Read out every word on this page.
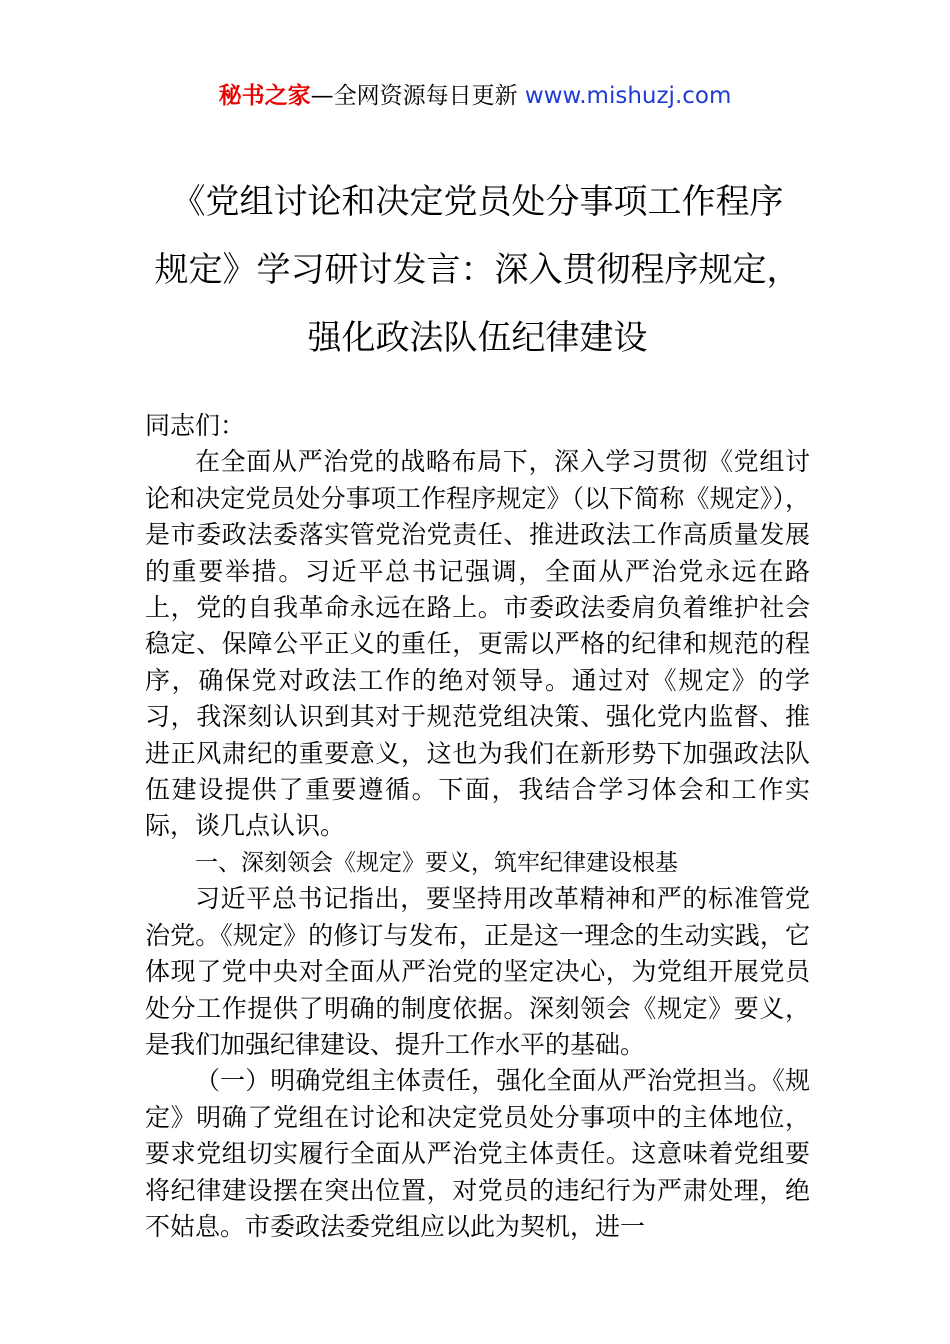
秘书之家—全网资源每日更新 www.mishuzj.com
《党组讨论和决定党员处分事项工作程序
规定》学习研讨发言：深入贯彻程序规定，
强化政法队伍纪律建设

同志们：

在全面从严治党的战略布局下，深入学习贯彻《党组讨论和决定党员处分事项工作程序规定》（以下简称《规定》），是市委政法委落实管党治党责任、推进政法工作高质量发展的重要举措。习近平总书记强调，全面从严治党永远在路上，党的自我革命永远在路上。市委政法委肩负着维护社会稳定、保障公平正义的重任，更需以严格的纪律和规范的程序，确保党对政法工作的绝对领导。通过对《规定》的学习，我深刻认识到其对于规范党组决策、强化党内监督、推进正风肃纪的重要意义，这也为我们在新形势下加强政法队伍建设提供了重要遵循。下面，我结合学习体会和工作实际，谈几点认识。

一、深刻领会《规定》要义，筑牢纪律建设根基

习近平总书记指出，要坚持用改革精神和严的标准管党治党。《规定》的修订与发布，正是这一理念的生动实践，它体现了党中央对全面从严治党的坚定决心，为党组开展党员处分工作提供了明确的制度依据。深刻领会《规定》要义，是我们加强纪律建设、提升工作水平的基础。

（一）明确党组主体责任，强化全面从严治党担当。《规定》明确了党组在讨论和决定党员处分事项中的主体地位，要求党组切实履行全面从严治党主体责任。这意味着党组要将纪律建设摆在突出位置，对党员的违纪行为严肃处理，绝不姑息。市委政法委党组应以此为契机，进一
